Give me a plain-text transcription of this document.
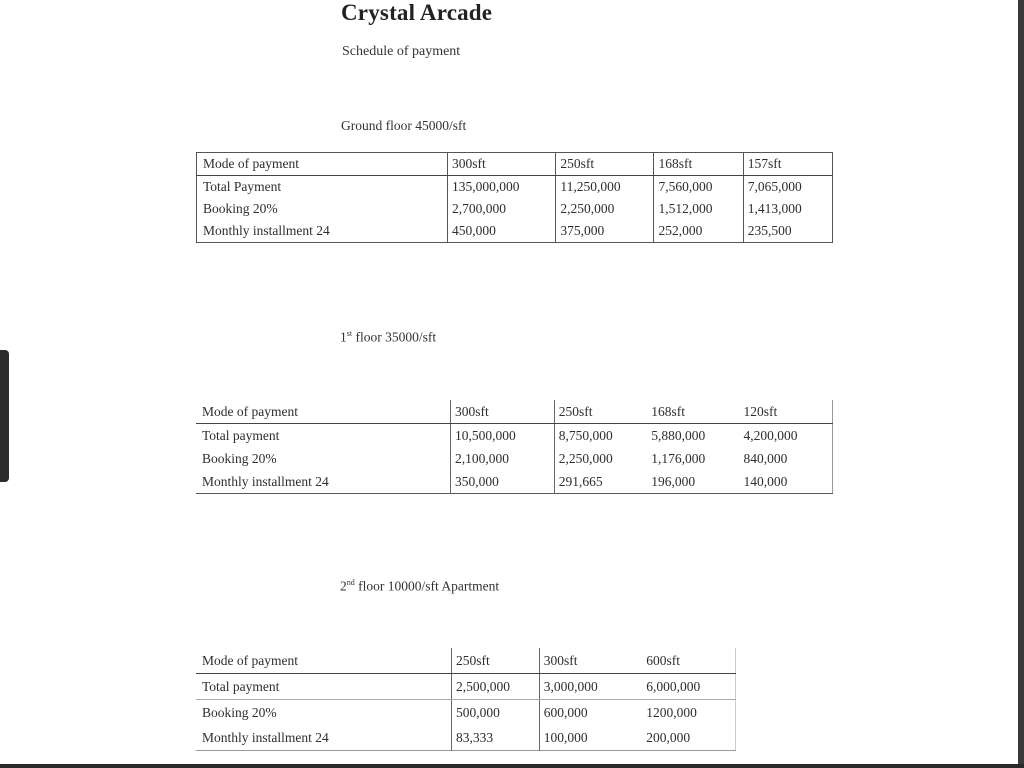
Crystal Arcade
Schedule of payment
Ground floor 45000/sft
Mode of payment	300sft	250sft	168sft	157sft
Total Payment	135,000,000	11,250,000	7,560,000	7,065,000
Booking 20%	2,700,000	2,250,000	1,512,000	1,413,000
Monthly installment 24	450,000	375,000	252,000	235,500
1st floor 35000/sft
Mode of payment	300sft	250sft	168sft	120sft
Total payment	10,500,000	8,750,000	5,880,000	4,200,000
Booking 20%	2,100,000	2,250,000	1,176,000	840,000
Monthly installment 24	350,000	291,665	196,000	140,000
2nd floor 10000/sft Apartment
Mode of payment	250sft	300sft	600sft
Total payment	2,500,000	3,000,000	6,000,000
Booking 20%	500,000	600,000	1200,000
Monthly installment 24	83,333	100,000	200,000
